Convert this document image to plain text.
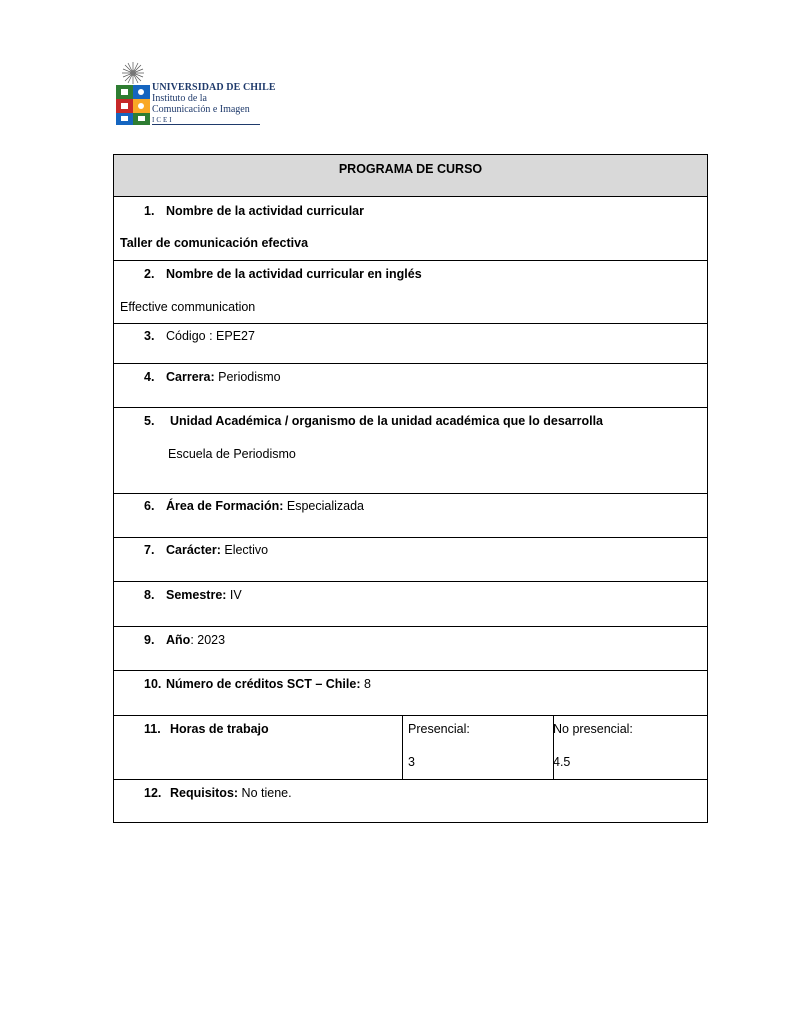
UNIVERSIDAD DE CHILE
Instituto de la
Comunicación e Imagen
ICEI
PROGRAMA DE CURSO
1. Nombre de la actividad curricular
Taller de comunicación efectiva
2. Nombre de la actividad curricular en inglés
Effective communication
3. Código : EPE27
4. Carrera: Periodismo
5. Unidad Académica / organismo de la unidad académica que lo desarrolla
Escuela de Periodismo
6. Área de Formación: Especializada
7. Carácter: Electivo
8. Semestre: IV
9. Año: 2023
10. Número de créditos SCT – Chile: 8
11. Horas de trabajo	Presencial:
3
No presencial:
4.5
12. Requisitos: No tiene.
